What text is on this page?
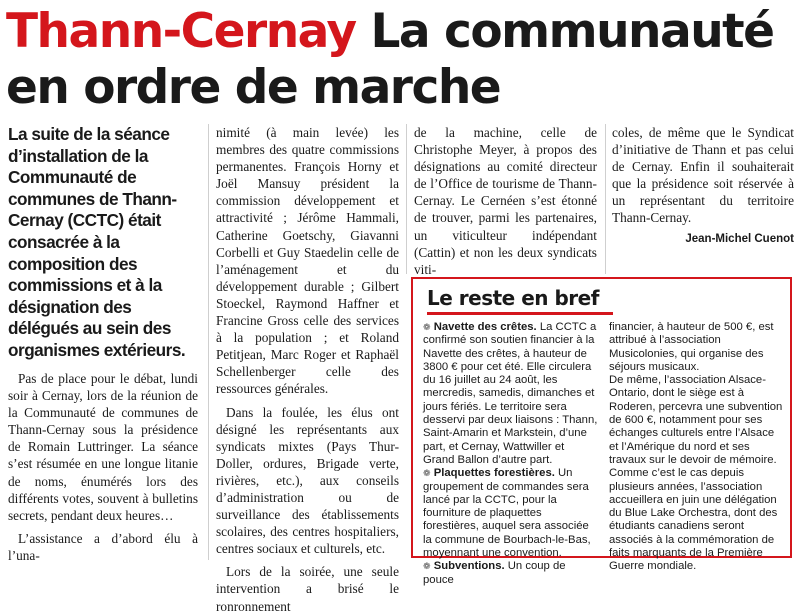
Thann-Cernay La communauté
en ordre de marche
La suite de la séance d’installation de la Communauté de communes de Thann-Cernay (CCTC) était consacrée à la composition des commissions et à la désignation des délégués au sein des organismes extérieurs.

Pas de place pour le débat, lundi soir à Cernay, lors de la réunion de la Communauté de communes de Thann-Cernay sous la présidence de Romain Luttringer. La séance s’est résumée en une longue litanie de noms, énumérés lors des différents votes, souvent à bulletins secrets, pendant deux heures…

L’assistance a d’abord élu à l’una-

nimité (à main levée) les membres des quatre commissions permanentes. François Horny et Joël Mansuy président la commission développement et attractivité ; Jérôme Hammali, Catherine Goetschy, Giavanni Corbelli et Guy Staedelin celle de l’aménagement et du développement durable ; Gilbert Stoeckel, Raymond Haffner et Francine Gross celle des services à la population ; et Roland Petitjean, Marc Roger et Raphaël Schellenberger celle des ressources générales.

Dans la foulée, les élus ont désigné les représentants aux syndicats mixtes (Pays Thur-Doller, ordures, Brigade verte, rivières, etc.), aux conseils d’administration ou de surveillance des établissements scolaires, des centres hospitaliers, centres sociaux et culturels, etc.

Lors de la soirée, une seule intervention a brisé le ronronnement

de la machine, celle de Christophe Meyer, à propos des désignations au comité directeur de l’Office de tourisme de Thann-Cernay. Le Cernéen s’est étonné de trouver, parmi les partenaires, un viticulteur indépendant (Cattin) et non les deux syndicats viti-

coles, de même que le Syndicat d’initiative de Thann et pas celui de Cernay. Enfin il souhaiterait que la présidence soit réservée à un représentant du territoire Thann-Cernay.

Jean-Michel Cuenot

Le reste en bref

❁ Navette des crêtes. La CCTC a confirmé son soutien financier à la Navette des crêtes, à hauteur de 3800 € pour cet été. Elle circulera du 16 juillet au 24 août, les mercredis, samedis, dimanches et jours fériés. Le territoire sera desservi par deux liaisons : Thann, Saint-Amarin et Markstein, d’une part, et Cernay, Wattwiller et Grand Ballon d’autre part.

❁ Plaquettes forestières. Un groupement de commandes sera lancé par la CCTC, pour la fourniture de plaquettes forestières, auquel sera associée la commune de Bourbach-le-Bas, moyennant une convention.

❁ Subventions. Un coup de pouce

financier, à hauteur de 500 €, est attribué à l’association Musicolonies, qui organise des séjours musicaux.

De même, l’association Alsace-Ontario, dont le siège est à Roderen, percevra une subvention de 600 €, notamment pour ses échanges culturels entre l’Alsace et l’Amérique du nord et ses travaux sur le devoir de mémoire. Comme c’est le cas depuis plusieurs années, l’association accueillera en juin une délégation du Blue Lake Orchestra, dont des étudiants canadiens seront associés à la commémoration de faits marquants de la Première Guerre mondiale.
